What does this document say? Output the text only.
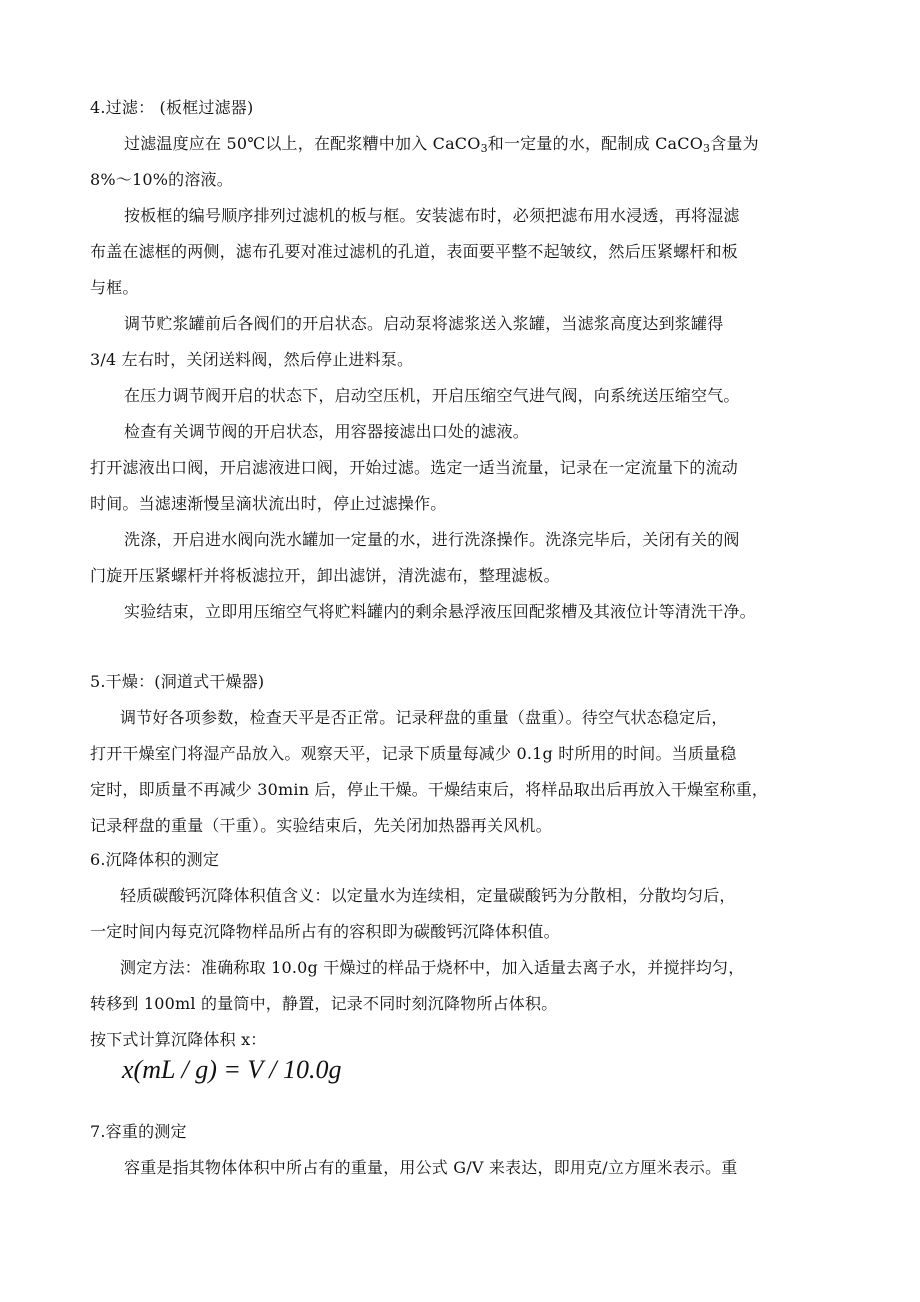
4.过滤： (板框过滤器)
过滤温度应在 50℃以上，在配浆糟中加入 CaCO$_3$和一定量的水，配制成 CaCO$_3$含量为
8%～10%的溶液。
按板框的编号顺序排列过滤机的板与框。安装滤布时，必须把滤布用水浸透，再将湿滤
布盖在滤框的两侧，滤布孔要对准过滤机的孔道，表面要平整不起皱纹，然后压紧螺杆和板
与框。
调节贮浆罐前后各阀们的开启状态。启动泵将滤浆送入浆罐，当滤浆高度达到浆罐得
3/4 左右时，关闭送料阀，然后停止进料泵。
在压力调节阀开启的状态下，启动空压机，开启压缩空气进气阀，向系统送压缩空气。
检查有关调节阀的开启状态，用容器接滤出口处的滤液。
打开滤液出口阀，开启滤液进口阀，开始过滤。选定一适当流量，记录在一定流量下的流动
时间。当滤速渐慢呈滴状流出时，停止过滤操作。
洗涤，开启进水阀向洗水罐加一定量的水，进行洗涤操作。洗涤完毕后，关闭有关的阀
门旋开压紧螺杆并将板滤拉开，卸出滤饼，清洗滤布，整理滤板。
实验结束，立即用压缩空气将贮料罐内的剩余悬浮液压回配浆槽及其液位计等清洗干净。
5.干燥：(洞道式干燥器)
调节好各项参数，检查天平是否正常。记录秤盘的重量（盘重）。待空气状态稳定后，
打开干燥室门将湿产品放入。观察天平，记录下质量每减少 0.1g 时所用的时间。当质量稳
定时，即质量不再减少 30min 后，停止干燥。干燥结束后，将样品取出后再放入干燥室称重，
记录秤盘的重量（干重）。实验结束后，先关闭加热器再关风机。
6.沉降体积的测定
轻质碳酸钙沉降体积值含义：以定量水为连续相，定量碳酸钙为分散相，分散均匀后，
一定时间内每克沉降物样品所占有的容积即为碳酸钙沉降体积值。
测定方法：准确称取 10.0g 干燥过的样品于烧杯中，加入适量去离子水，并搅拌均匀，
转移到 100ml 的量筒中，静置，记录不同时刻沉降物所占体积。
按下式计算沉降体积 x：
x(mL / g) = V / 10.0g
7.容重的测定
容重是指其物体体积中所占有的重量，用公式 G/V 来表达，即用克/立方厘米表示。重
